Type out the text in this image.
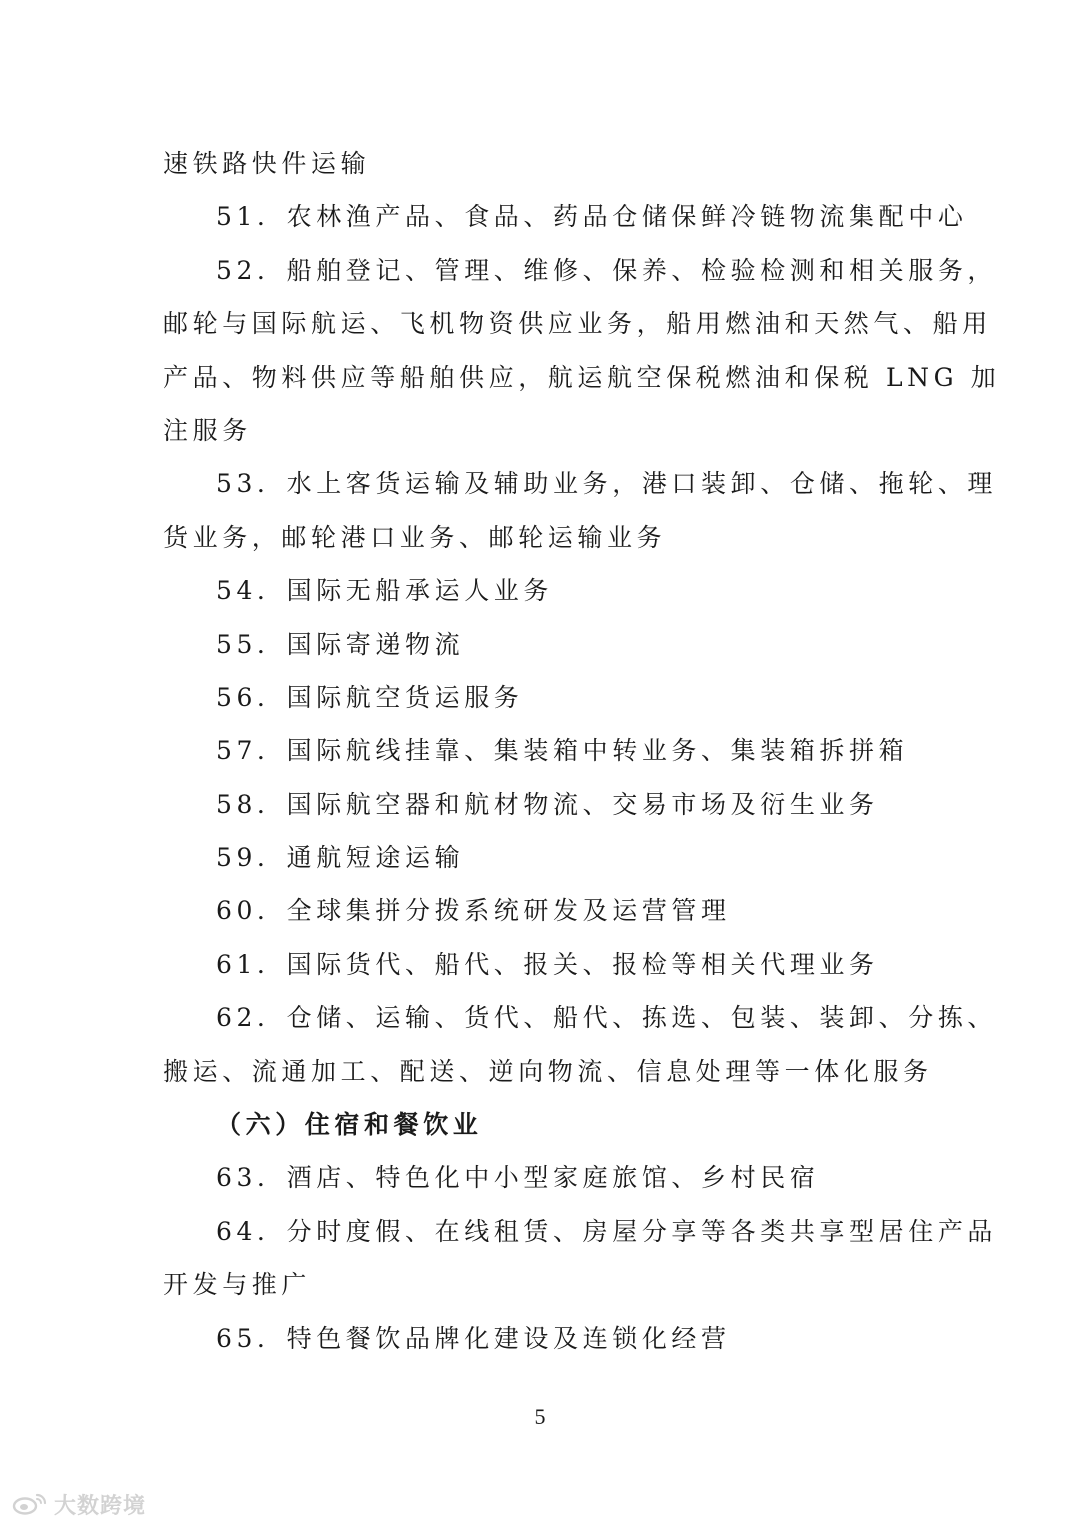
速铁路快件运输
51．农林渔产品、食品、药品仓储保鲜冷链物流集配中心
52．船舶登记、管理、维修、保养、检验检测和相关服务，
邮轮与国际航运、飞机物资供应业务，船用燃油和天然气、船用
产品、物料供应等船舶供应，航运航空保税燃油和保税 LNG 加
注服务
53．水上客货运输及辅助业务，港口装卸、仓储、拖轮、理
货业务，邮轮港口业务、邮轮运输业务
54．国际无船承运人业务
55．国际寄递物流
56．国际航空货运服务
57．国际航线挂靠、集装箱中转业务、集装箱拆拼箱
58．国际航空器和航材物流、交易市场及衍生业务
59．通航短途运输
60．全球集拼分拨系统研发及运营管理
61．国际货代、船代、报关、报检等相关代理业务
62．仓储、运输、货代、船代、拣选、包装、装卸、分拣、
搬运、流通加工、配送、逆向物流、信息处理等一体化服务
（六）住宿和餐饮业
63．酒店、特色化中小型家庭旅馆、乡村民宿
64．分时度假、在线租赁、房屋分享等各类共享型居住产品
开发与推广
65．特色餐饮品牌化建设及连锁化经营
5
大数跨境
